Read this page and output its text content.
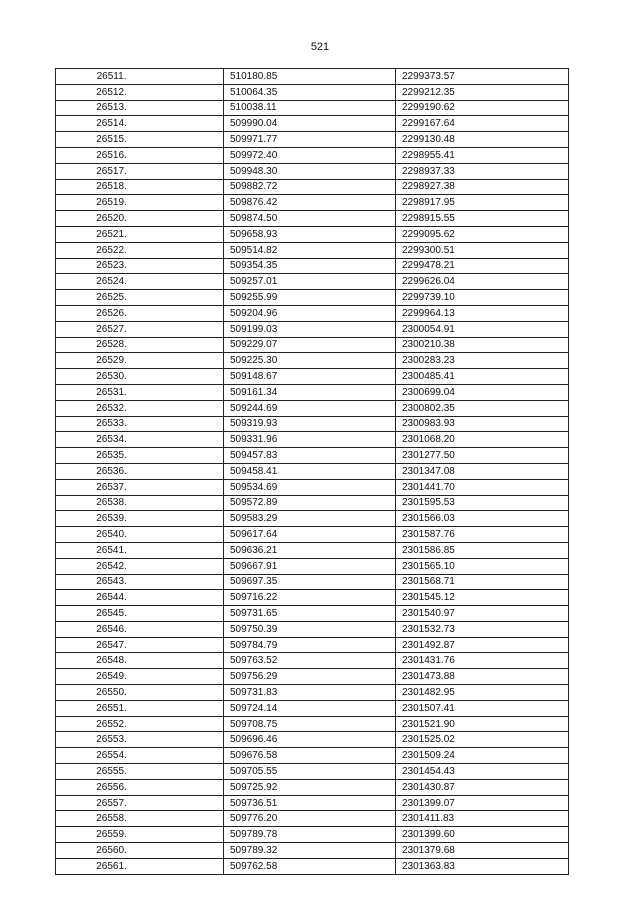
521
26511.	510180.85	2299373.57
26512.	510064.35	2299212.35
26513.	510038.11	2299190.62
26514.	509990.04	2299167.64
26515.	509971.77	2299130.48
26516.	509972.40	2298955.41
26517.	509948.30	2298937.33
26518.	509882.72	2298927.38
26519.	509876.42	2298917.95
26520.	509874.50	2298915.55
26521.	509658.93	2299095.62
26522.	509514.82	2299300.51
26523.	509354.35	2299478.21
26524.	509257.01	2299626.04
26525.	509255.99	2299739.10
26526.	509204.96	2299964.13
26527.	509199.03	2300054.91
26528.	509229.07	2300210.38
26529.	509225.30	2300283.23
26530.	509148.67	2300485.41
26531.	509161.34	2300699.04
26532.	509244.69	2300802.35
26533.	509319.93	2300983.93
26534.	509331.96	2301068.20
26535.	509457.83	2301277.50
26536.	509458.41	2301347.08
26537.	509534.69	2301441.70
26538.	509572.89	2301595.53
26539.	509583.29	2301566.03
26540.	509617.64	2301587.76
26541.	509636.21	2301586.85
26542.	509667.91	2301565.10
26543.	509697.35	2301568.71
26544.	509716.22	2301545.12
26545.	509731.65	2301540.97
26546.	509750.39	2301532.73
26547.	509784.79	2301492.87
26548.	509763.52	2301431.76
26549.	509756.29	2301473.88
26550.	509731.83	2301482.95
26551.	509724.14	2301507.41
26552.	509708.75	2301521.90
26553.	509696.46	2301525.02
26554.	509676.58	2301509.24
26555.	509705.55	2301454.43
26556.	509725.92	2301430.87
26557.	509736.51	2301399.07
26558.	509776.20	2301411.83
26559.	509789.78	2301399.60
26560.	509789.32	2301379.68
26561.	509762.58	2301363.83
